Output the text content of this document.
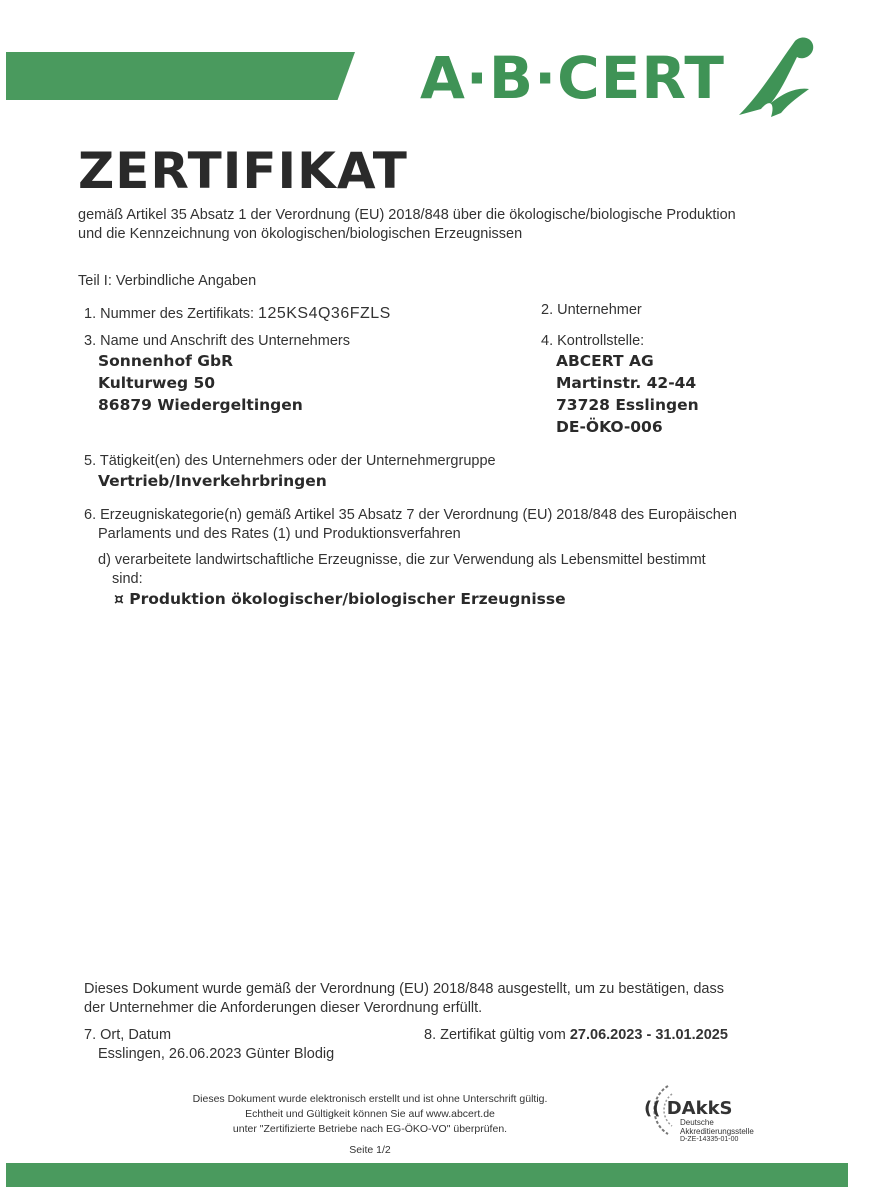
A·B·CERT
ZERTIFIKAT
gemäß Artikel 35 Absatz 1 der Verordnung (EU) 2018/848 über die ökologische/biologische Produktion
und die Kennzeichnung von ökologischen/biologischen Erzeugnissen
Teil I: Verbindliche Angaben
1. Nummer des Zertifikats: 125KS4Q36FZLS	2. Unternehmer
3. Name und Anschrift des Unternehmers
Sonnenhof GbR
Kulturweg 50
86879 Wiedergeltingen
4. Kontrollstelle:
ABCERT AG
Martinstr. 42-44
73728 Esslingen
DE-ÖKO-006
5. Tätigkeit(en) des Unternehmers oder der Unternehmergruppe
Vertrieb/Inverkehrbringen
6. Erzeugniskategorie(n) gemäß Artikel 35 Absatz 7 der Verordnung (EU) 2018/848 des Europäischen
Parlaments und des Rates (1) und Produktionsverfahren
d) verarbeitete landwirtschaftliche Erzeugnisse, die zur Verwendung als Lebensmittel bestimmt
sind:
¤ Produktion ökologischer/biologischer Erzeugnisse
Dieses Dokument wurde gemäß der Verordnung (EU) 2018/848 ausgestellt, um zu bestätigen, dass
der Unternehmer die Anforderungen dieser Verordnung erfüllt.
7. Ort, Datum
Esslingen, 26.06.2023 Günter Blodig
8. Zertifikat gültig vom 27.06.2023 - 31.01.2025
Dieses Dokument wurde elektronisch erstellt und ist ohne Unterschrift gültig.
Echtheit und Gültigkeit können Sie auf www.abcert.de
unter "Zertifizierte Betriebe nach EG-ÖKO-VO" überprüfen.
Seite 1/2
(( DAkkS
Deutsche
Akkreditierungsstelle
D-ZE-14335-01-00
